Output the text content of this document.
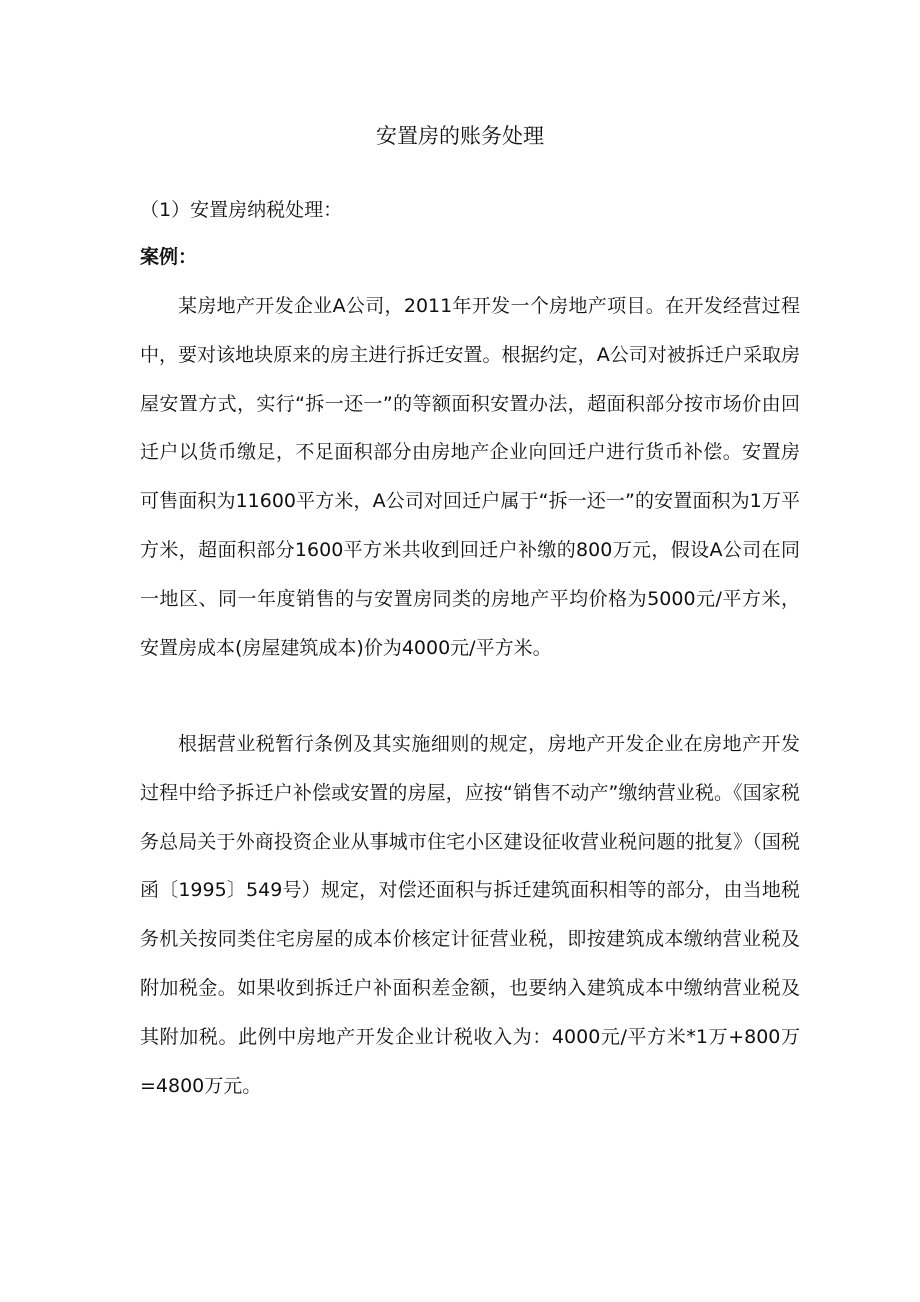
安置房的账务处理

（1）安置房纳税处理：

案例：

某房地产开发企业A公司，2011年开发一个房地产项目。在开发经营过程中，要对该地块原来的房主进行拆迁安置。根据约定，A公司对被拆迁户采取房屋安置方式，实行“拆一还一”的等额面积安置办法，超面积部分按市场价由回迁户以货币缴足，不足面积部分由房地产企业向回迁户进行货币补偿。安置房可售面积为11600平方米，A公司对回迁户属于“拆一还一”的安置面积为1万平方米，超面积部分1600平方米共收到回迁户补缴的800万元，假设A公司在同一地区、同一年度销售的与安置房同类的房地产平均价格为5000元/平方米，安置房成本(房屋建筑成本)价为4000元/平方米。

根据营业税暂行条例及其实施细则的规定，房地产开发企业在房地产开发过程中给予拆迁户补偿或安置的房屋，应按“销售不动产”缴纳营业税。《国家税务总局关于外商投资企业从事城市住宅小区建设征收营业税问题的批复》（国税函〔1995〕549号）规定，对偿还面积与拆迁建筑面积相等的部分，由当地税务机关按同类住宅房屋的成本价核定计征营业税，即按建筑成本缴纳营业税及附加税金。如果收到拆迁户补面积差金额，也要纳入建筑成本中缴纳营业税及其附加税。此例中房地产开发企业计税收入为：4000元/平方米*1万+800万=4800万元。
